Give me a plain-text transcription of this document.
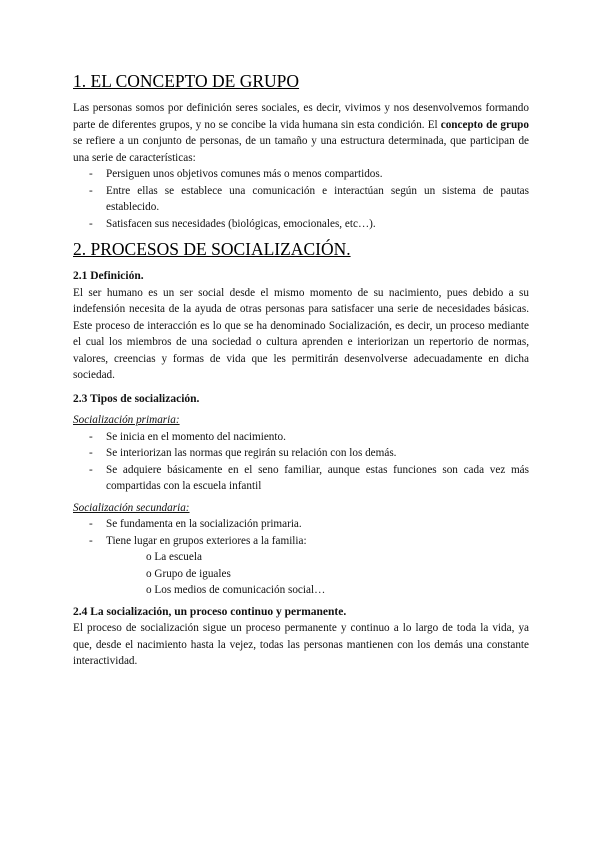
1. EL CONCEPTO DE GRUPO

Las personas somos por definición seres sociales, es decir, vivimos y nos desenvolvemos formando parte de diferentes grupos, y no se concibe la vida humana sin esta condición. El concepto de grupo se refiere a un conjunto de personas, de un tamaño y una estructura determinada, que participan de una serie de características:

- Persiguen unos objetivos comunes más o menos compartidos.
- Entre ellas se establece una comunicación e interactúan según un sistema de pautas establecido.
- Satisfacen sus necesidades (biológicas, emocionales, etc…).
2. PROCESOS DE SOCIALIZACIÓN.
2.1 Definición.

El ser humano es un ser social desde el mismo momento de su nacimiento, pues debido a su indefensión necesita de la ayuda de otras personas para satisfacer una serie de necesidades básicas. Este proceso de interacción es lo que se ha denominado Socialización, es decir, un proceso mediante el cual los miembros de una sociedad o cultura aprenden e interiorizan un repertorio de normas, valores, creencias y formas de vida que les permitirán desenvolverse adecuadamente en dicha sociedad.

2.3 Tipos de socialización.
Socialización primaria:
- Se inicia en el momento del nacimiento.
- Se interiorizan las normas que regirán su relación con los demás.
- Se adquiere básicamente en el seno familiar, aunque estas funciones son cada vez más compartidas con la escuela infantil
Socialización secundaria:
- Se fundamenta en la socialización primaria.
- Tiene lugar en grupos exteriores a la familia:
o La escuela
o Grupo de iguales
o Los medios de comunicación social…
2.4 La socialización, un proceso continuo y permanente.

El proceso de socialización sigue un proceso permanente y continuo a lo largo de toda la vida, ya que, desde el nacimiento hasta la vejez, todas las personas mantienen con los demás una constante interactividad.
